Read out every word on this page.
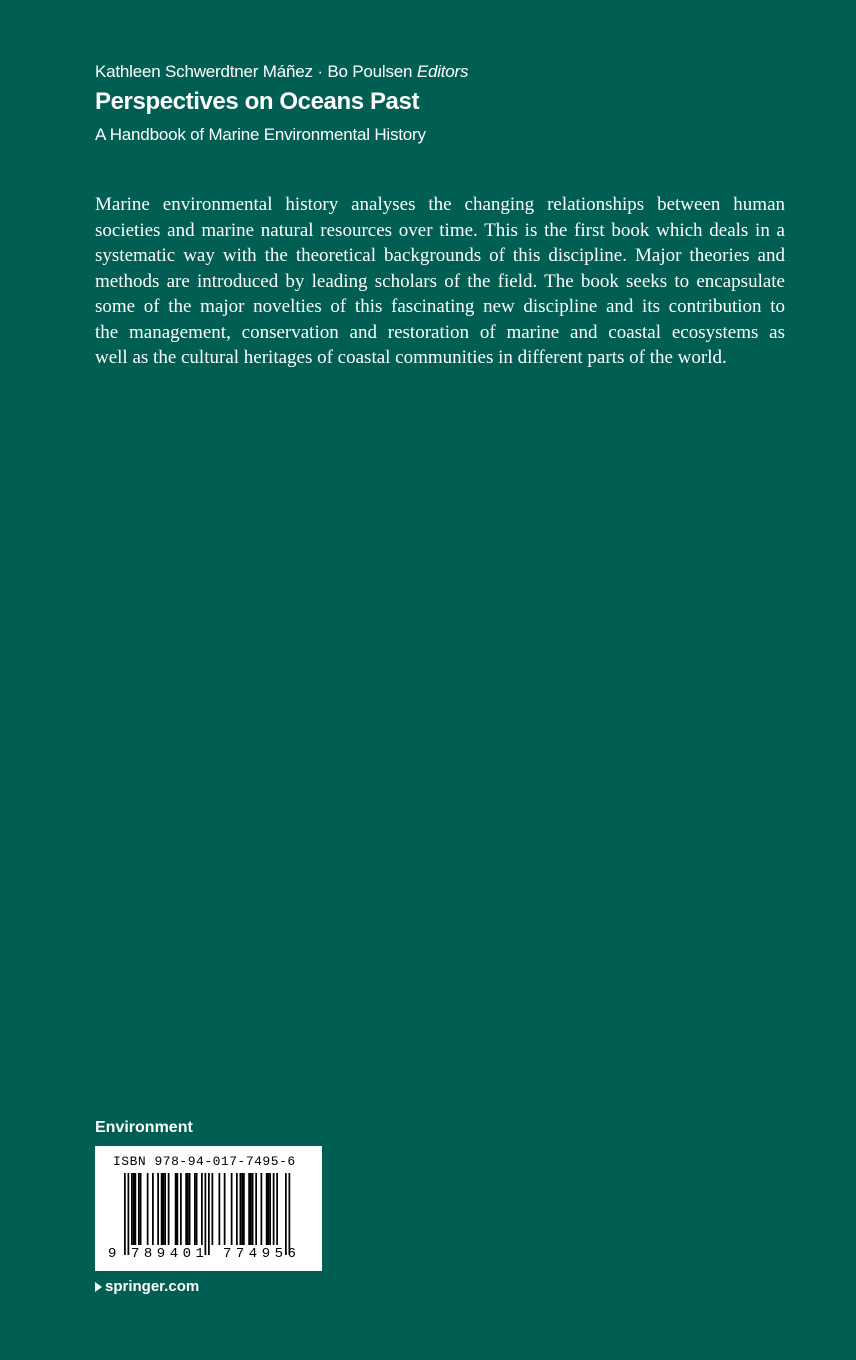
Kathleen Schwerdtner Máñez · Bo Poulsen Editors
Perspectives on Oceans Past
A Handbook of Marine Environmental History
Marine environmental history analyses the changing relationships between human
societies and marine natural resources over time. This is the first book which deals in a
systematic way with the theoretical backgrounds of this discipline. Major theories and
methods are introduced by leading scholars of the field. The book seeks to encapsulate
some of the major novelties of this fascinating new discipline and its contribution to
the management, conservation and restoration of marine and coastal ecosystems as
well as the cultural heritages of coastal communities in different parts of the world.
Environment
ISBN 978-94-017-7495-6
9 789401 774956
springer.com
